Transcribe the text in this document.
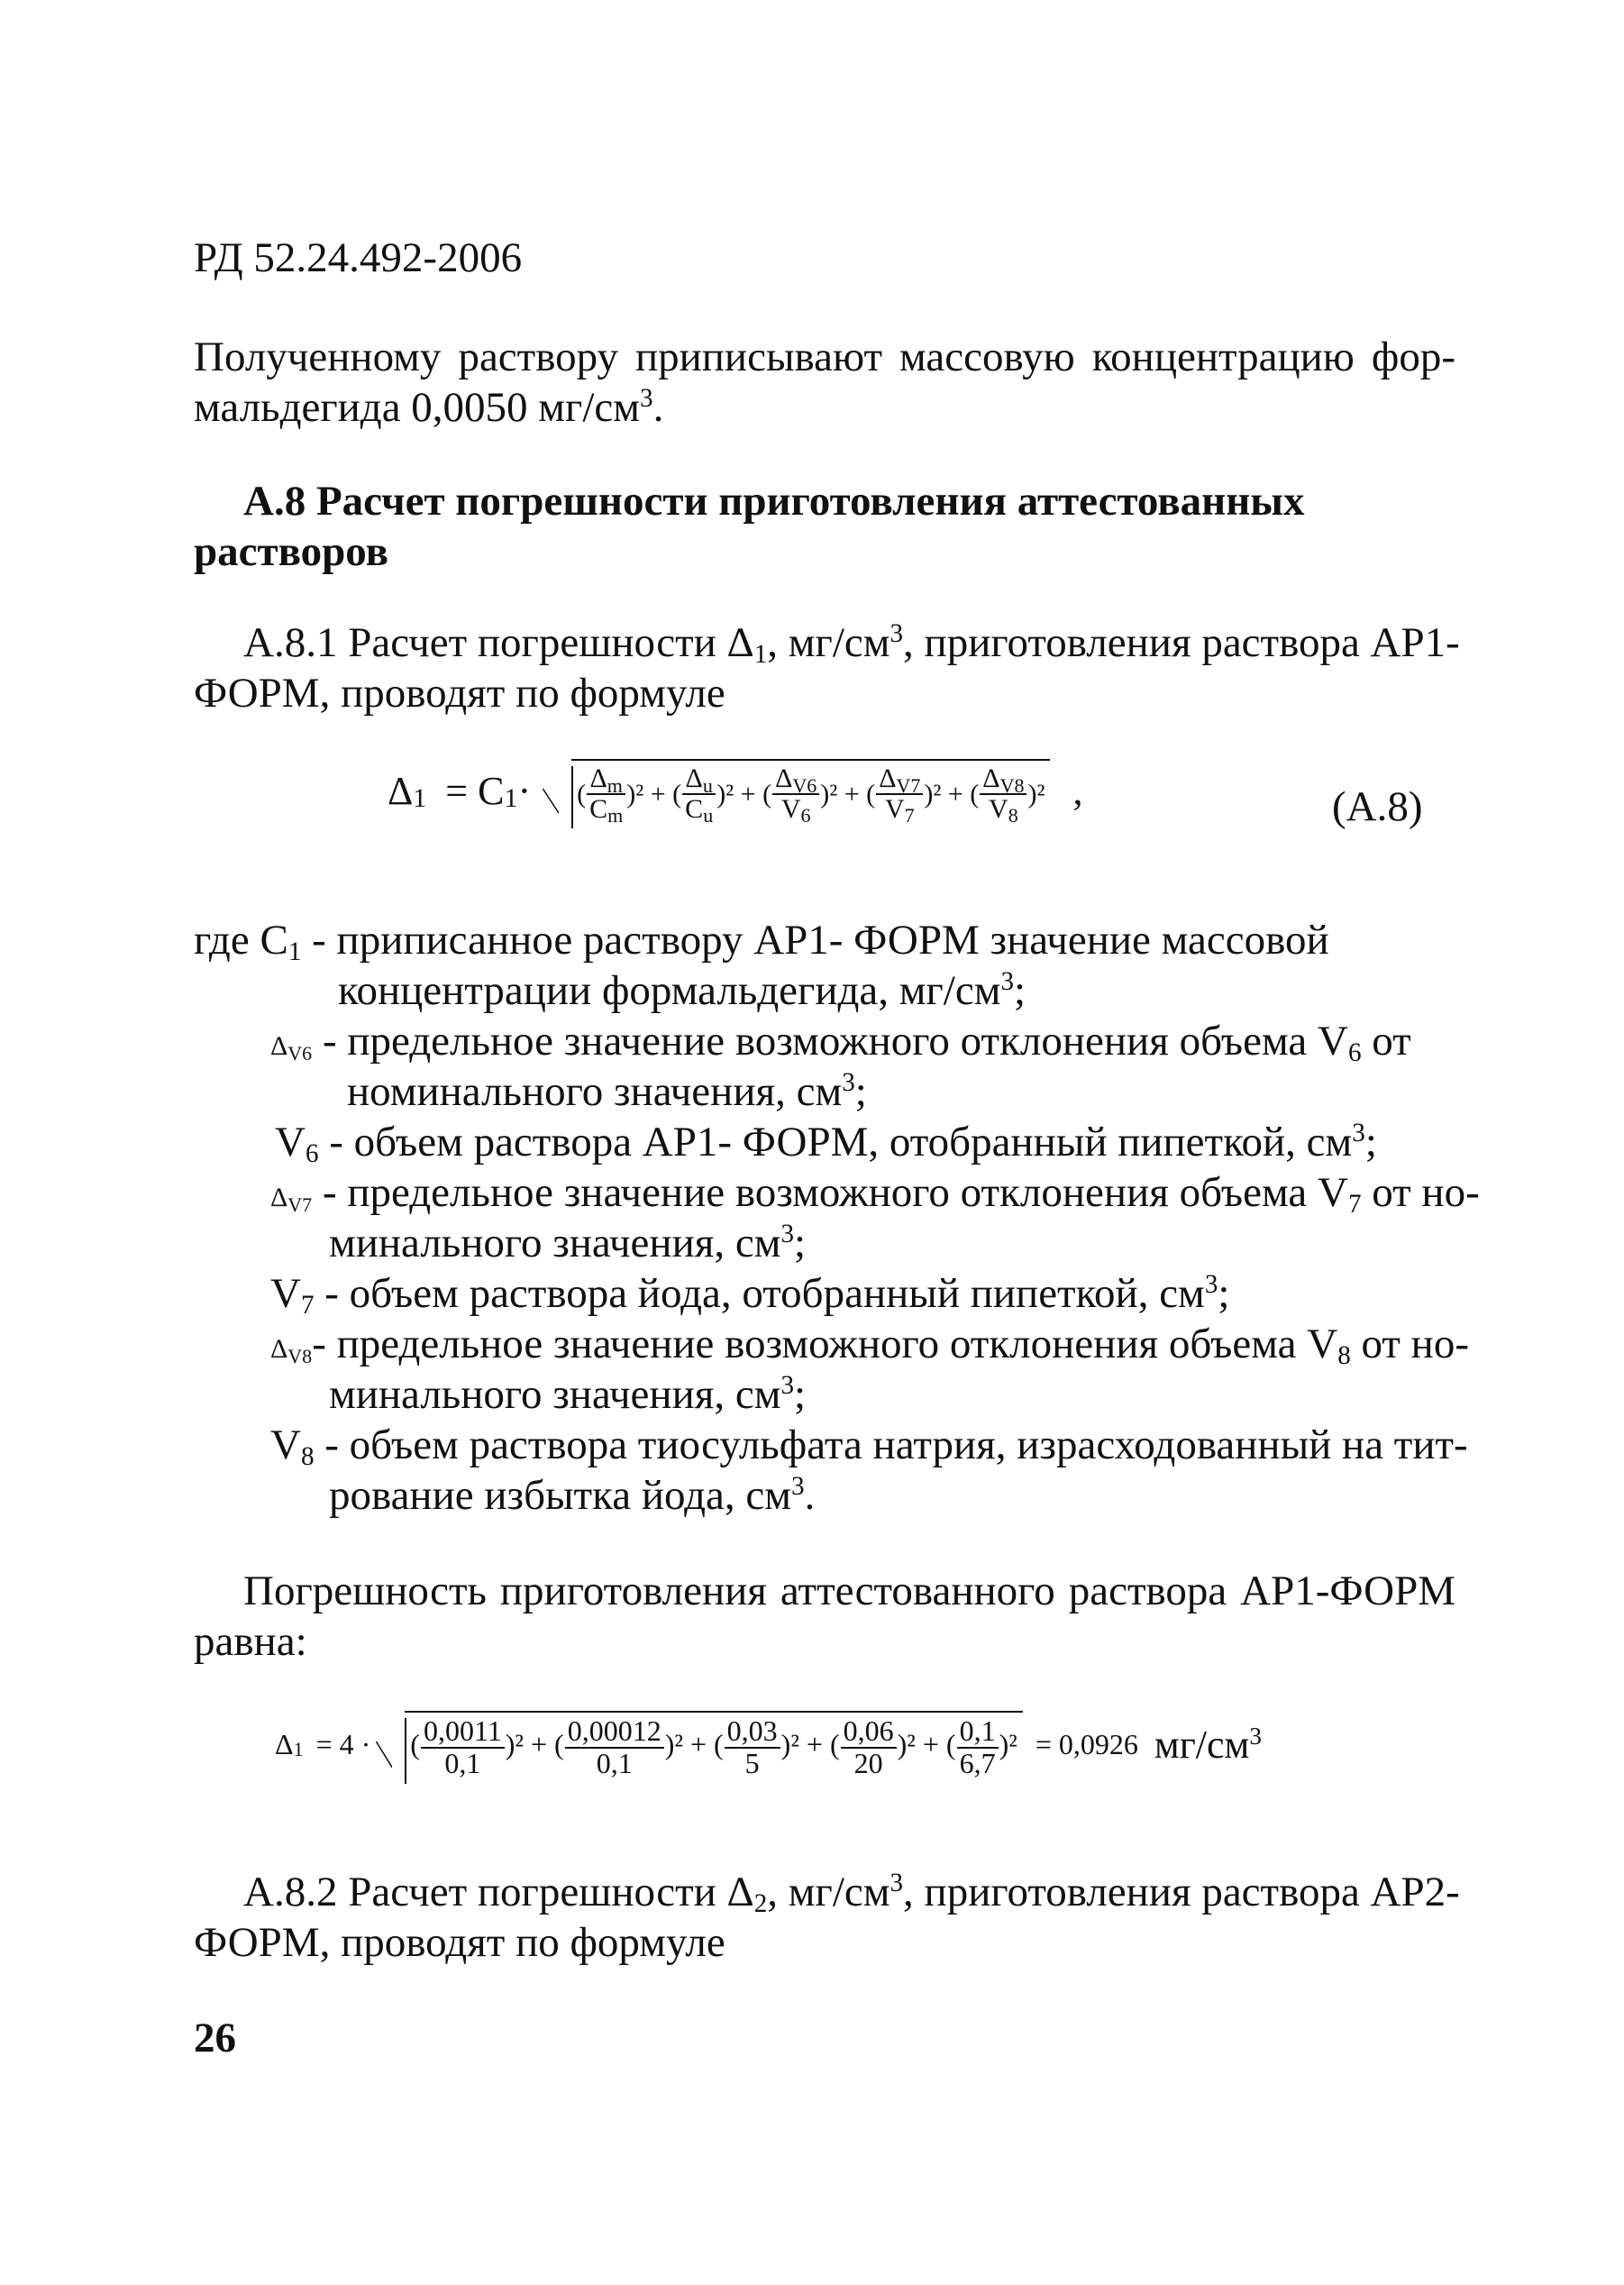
РД 52.24.492-2006
Полученному раствору приписывают массовую концентрацию фор-
мальдегида 0,0050 $мг/см^3$.
А.8 Расчет погрешности приготовления аттестованных
растворов
А.8.1 Расчет погрешности $\Delta_1$, $мг/см^3$, приготовления раствора АР1-
ФОРМ, проводят по формуле
$\Delta_1 = C_1\cdot$ ( $\frac{\Delta_m}{C_m} )^2$ + ( $\frac{\Delta_u}{C_u} )^2$ + ( $\frac{\Delta_{V6}}{V_6} )^2$ + ( $\frac{\Delta_{V7}}{V_7} )^2$ + ( $\frac{\Delta_{V8}}{V_8} )^2$ ,	(А.8)
где $C_1$ - приписанное раствору АР1- ФОРМ значение массовой
концентрации формальдегида, $мг/см^3$;
$\Delta_{V6}$ - предельное значение возможного отклонения объема $V_6$ от
номинального значения, $см^3$;
$V_6$ - объем раствора АР1- ФОРМ, отобранный пипеткой, $см^3$;
$\Delta_{V7}$ - предельное значение возможного отклонения объема $V_7$ от но-
минального значения, $см^3$;
$V_7$ - объем раствора йода, отобранный пипеткой, $см^3$;
$\Delta_{V8}-$ предельное значение возможного отклонения объема $V_8$ от но-
минального значения, $см^3$;
$V_8$ - объем раствора тиосульфата натрия, израсходованный на тит-
рование избытка йода, $см^3$.
Погрешность приготовления аттестованного раствора АР1-ФОРМ
равна:
$\Delta_1 = 4$ · ( $\frac{0,0011}{0,1} )^2$ + ( $\frac{0,00012}{0,1} )^2$ + ( $\frac{0,03}{5} )^2$ + ( $\frac{0,06}{20} )^2$ + ( $\frac{0,1}{6,7} )^2 = 0,0926$ $мг/см^3$
А.8.2 Расчет погрешности $\Delta_2$, $мг/см^3$, приготовления раствора АР2-
ФОРМ, проводят по формуле
26
